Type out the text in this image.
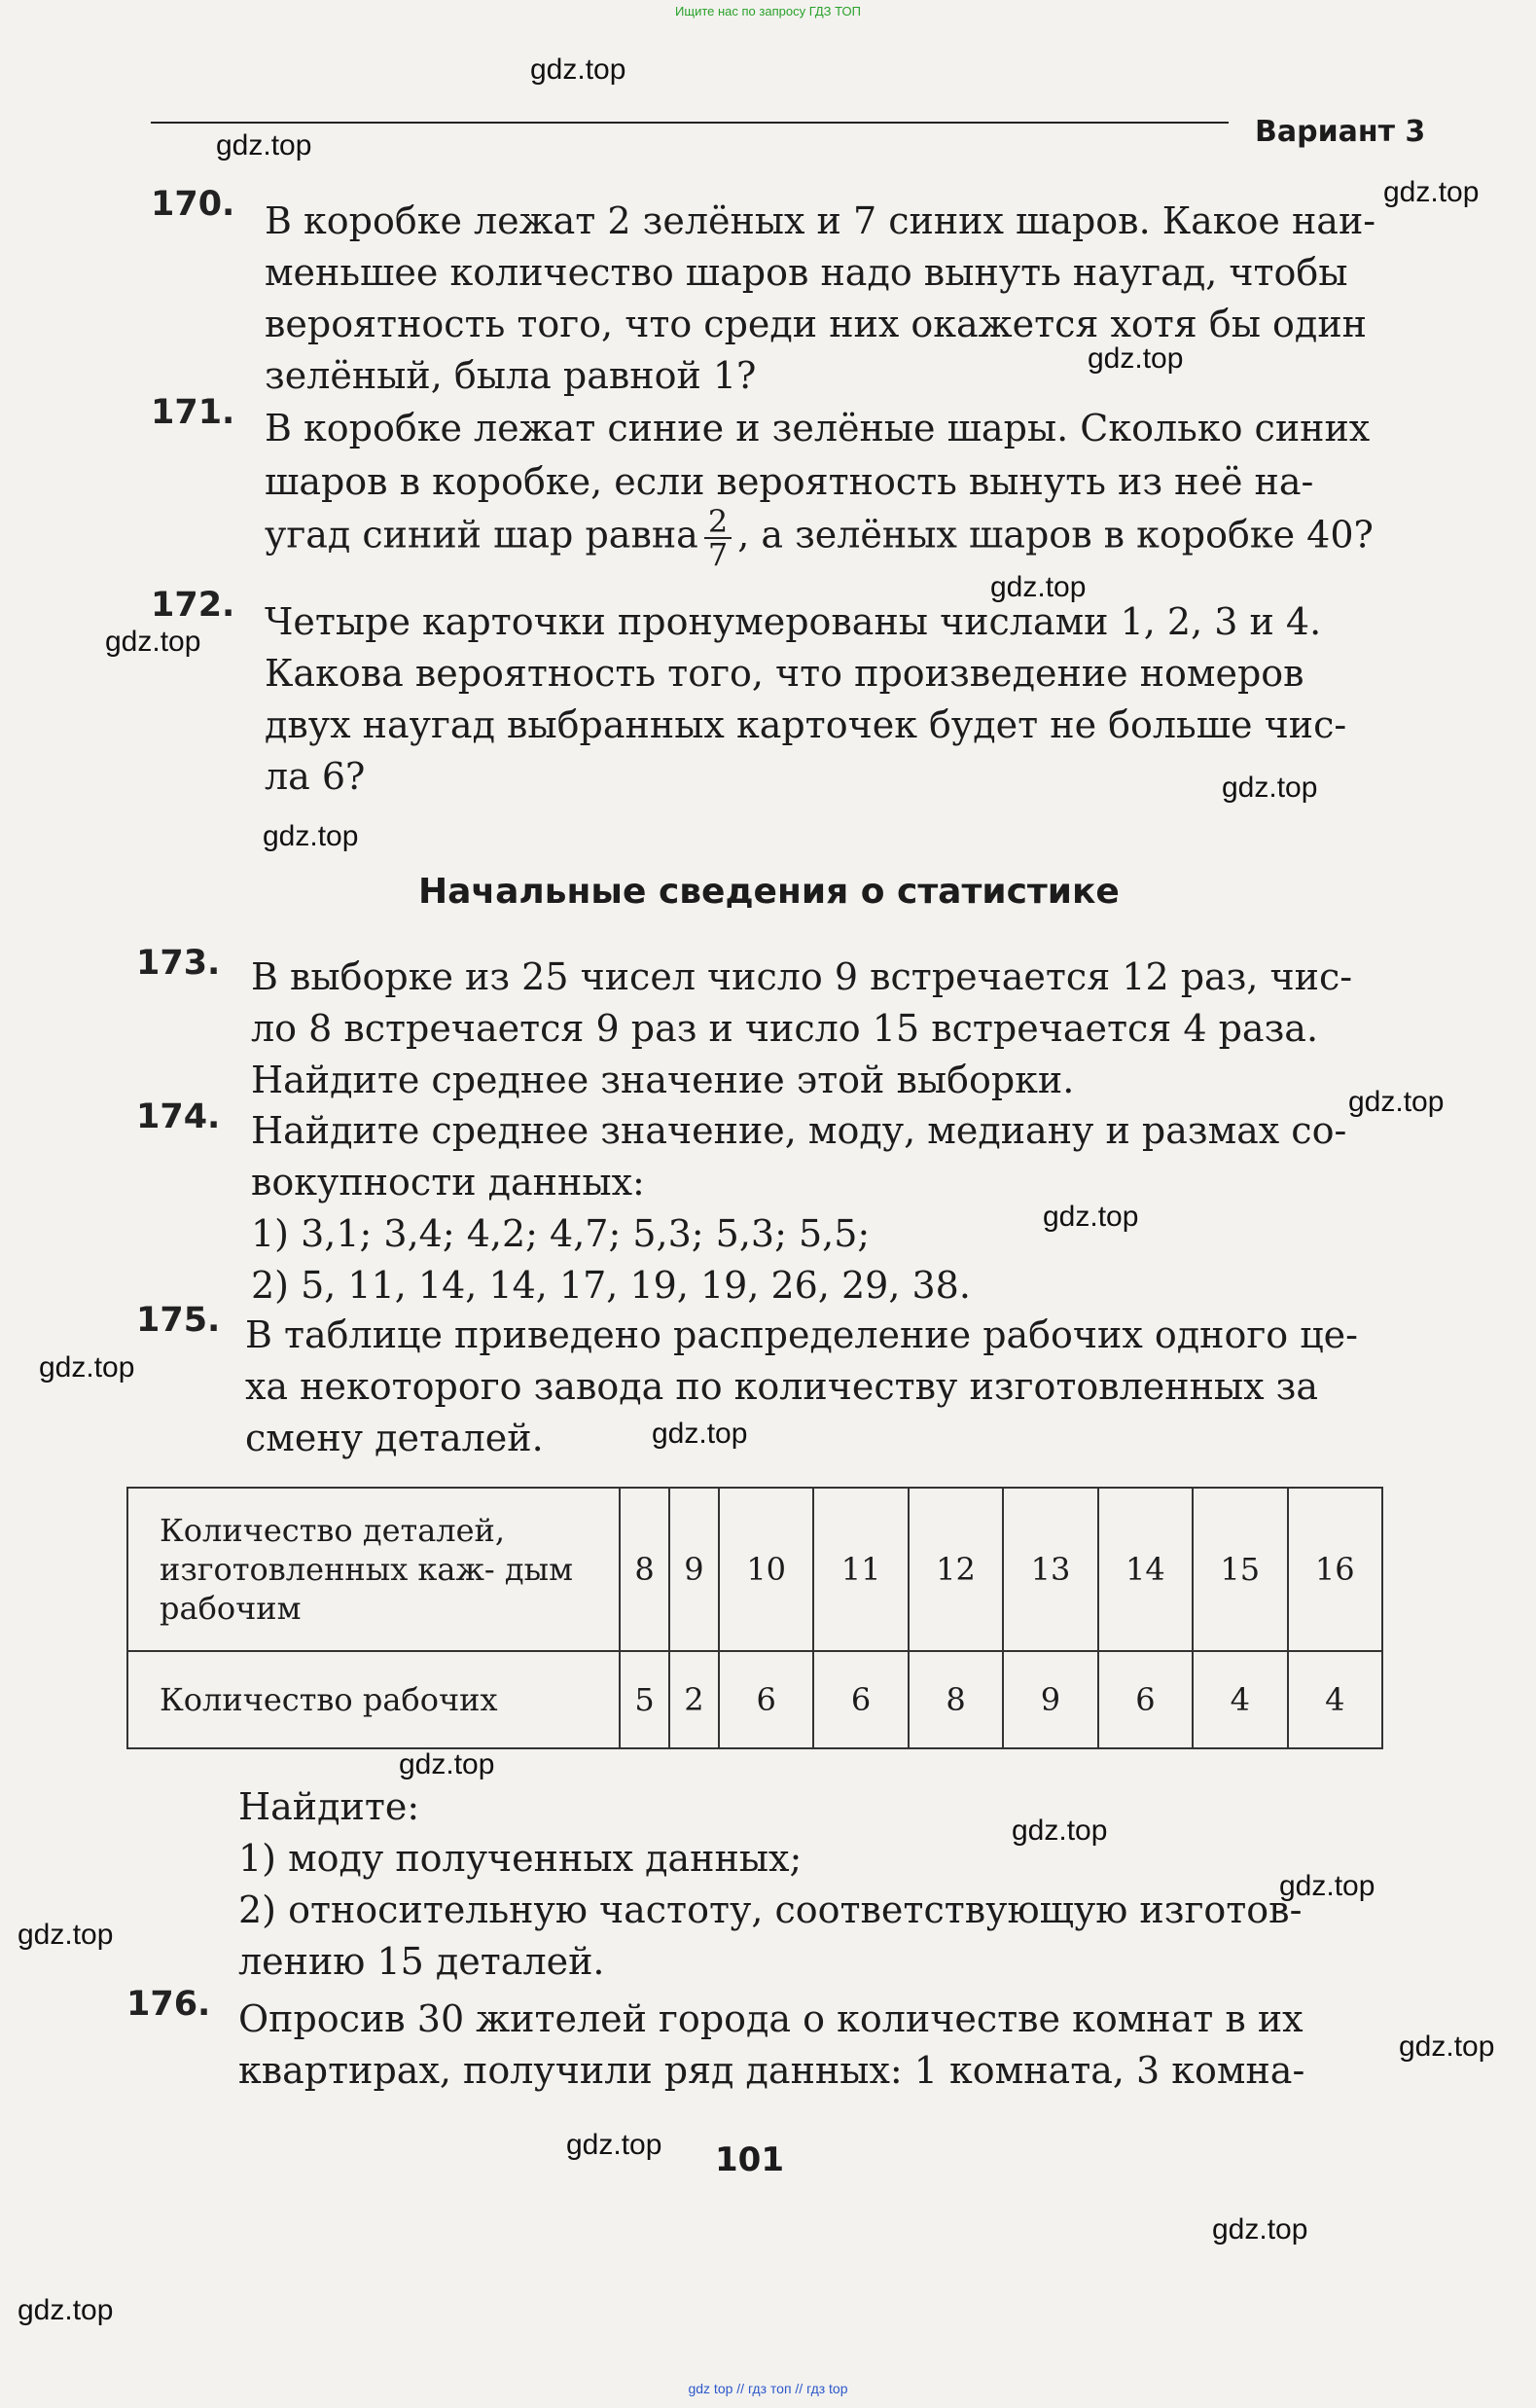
Ищите нас по запросу ГДЗ ТОП
Вариант 3
170. В коробке лежат 2 зелёных и 7 синих шаров. Какое наи-
меньшее количество шаров надо вынуть наугад, чтобы
вероятность того, что среди них окажется хотя бы один
зелёный, была равной 1?
171. В коробке лежат синие и зелёные шары. Сколько синих
шаров в коробке, если вероятность вынуть из неё на-
угад синий шар равна $\frac{2}{7}$ , а зелёных шаров в коробке 40?
172. Четыре карточки пронумерованы числами 1, 2, 3 и 4.
Какова вероятность того, что произведение номеров
двух наугад выбранных карточек будет не больше чис-
ла 6?
Начальные сведения о статистике
173. В выборке из 25 чисел число 9 встречается 12 раз, чис-
ло 8 встречается 9 раз и число 15 встречается 4 раза.
Найдите среднее значение этой выборки.
174. Найдите среднее значение, моду, медиану и размах со-
вокупности данных:
1) 3,1; 3,4; 4,2; 4,7; 5,3; 5,3; 5,5;
2) 5, 11, 14, 14, 17, 19, 19, 26, 29, 38.
175. В таблице приведено распределение рабочих одного це-
ха некоторого завода по количеству изготовленных за
смену деталей.
Количество деталей, изготовленных каж- дым рабочим	8	9	10	11	12	13	14	15	16
Количество рабочих	5	2	6	6	8	9	6	4	4
Найдите:
1) моду полученных данных;
2) относительную частоту, соответствующую изготов-
лению 15 деталей.
176. Опросив 30 жителей города о количестве комнат в их
квартирах, получили ряд данных: 1 комната, 3 комна-
101
gdz.top
gdz.top
gdz.top
gdz.top
gdz.top
gdz.top
gdz.top
gdz.top
gdz.top
gdz.top
gdz.top
gdz.top
gdz.top
gdz.top
gdz.top
gdz.top
gdz.top
gdz.top
gdz.top
gdz.top
gdz top // гдз топ // гдз top
